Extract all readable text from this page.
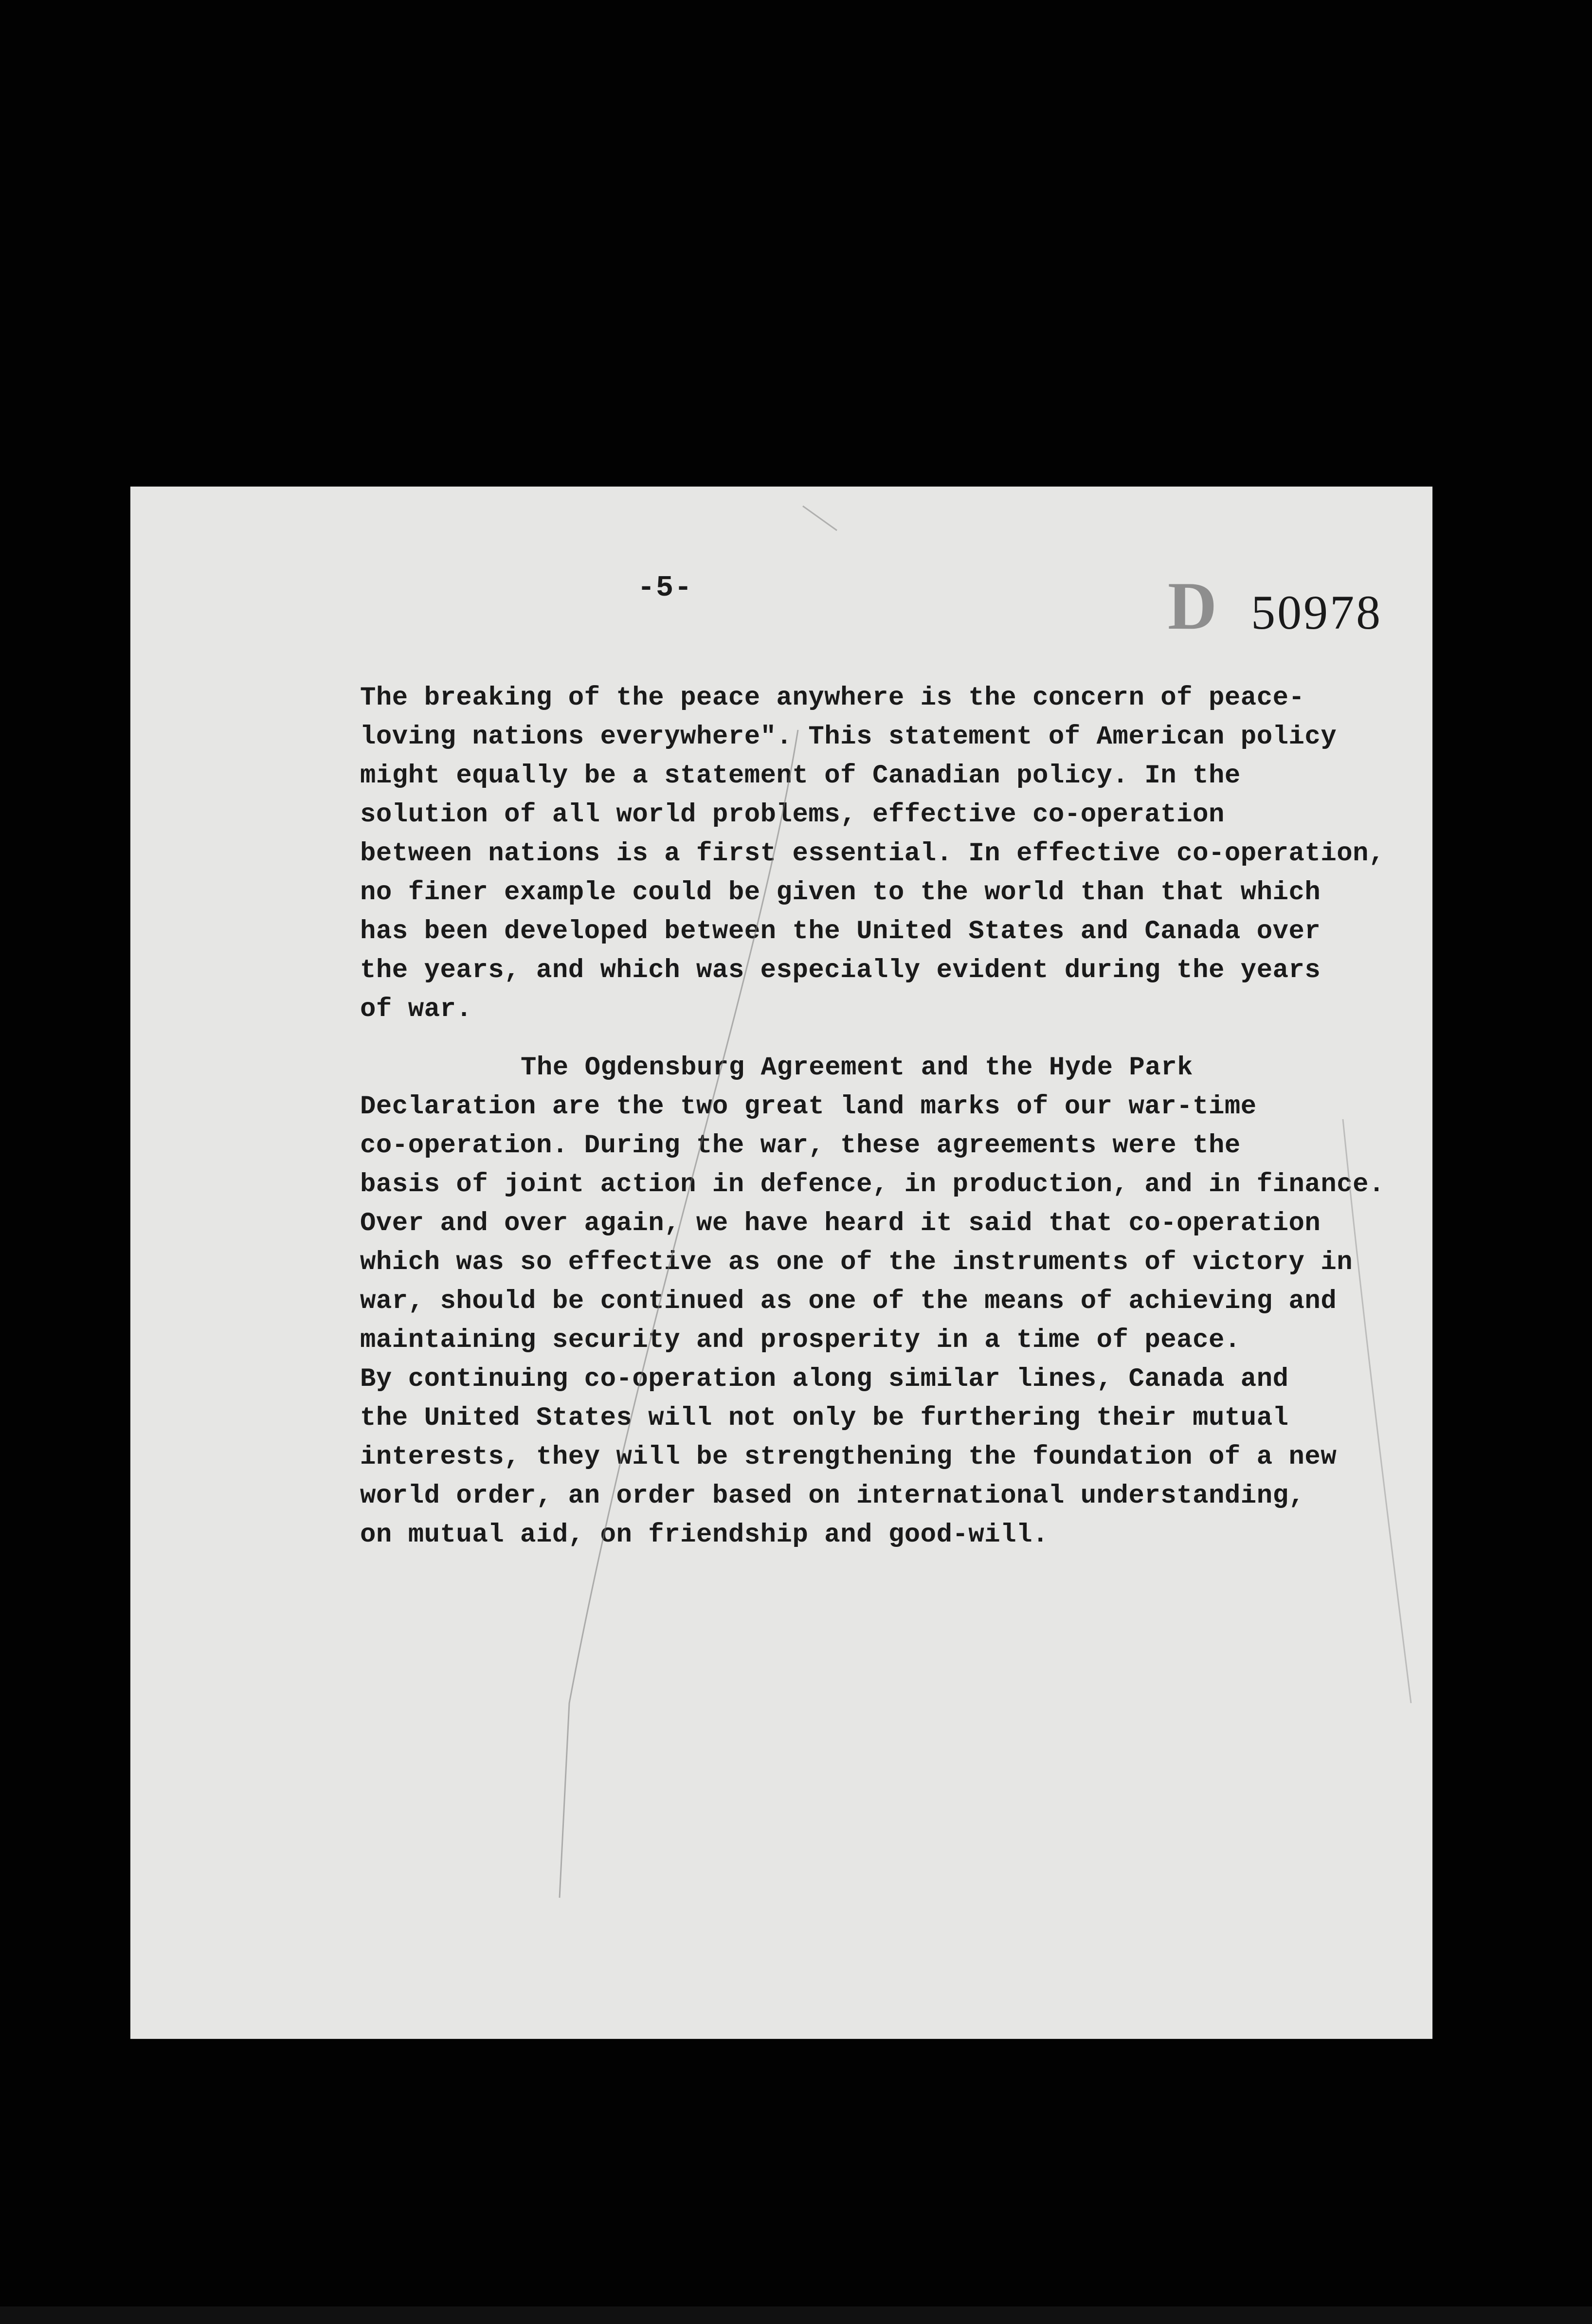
-5-	D 50978
The breaking of the peace anywhere is the concern of peace-
loving nations everywhere". This statement of American policy
might equally be a statement of Canadian policy. In the
solution of all world problems, effective co-operation
between nations is a first essential. In effective co-operation,
no finer example could be given to the world than that which
has been developed between the United States and Canada over
the years, and which was especially evident during the years
of war.
The Ogdensburg Agreement and the Hyde Park
Declaration are the two great land marks of our war-time
co-operation. During the war, these agreements were the
basis of joint action in defence, in production, and in finance.
Over and over again, we have heard it said that co-operation
which was so effective as one of the instruments of victory in
war, should be continued as one of the means of achieving and
maintaining security and prosperity in a time of peace.
By continuing co-operation along similar lines, Canada and
the United States will not only be furthering their mutual
interests, they will be strengthening the foundation of a new
world order, an order based on international understanding,
on mutual aid, on friendship and good-will.
